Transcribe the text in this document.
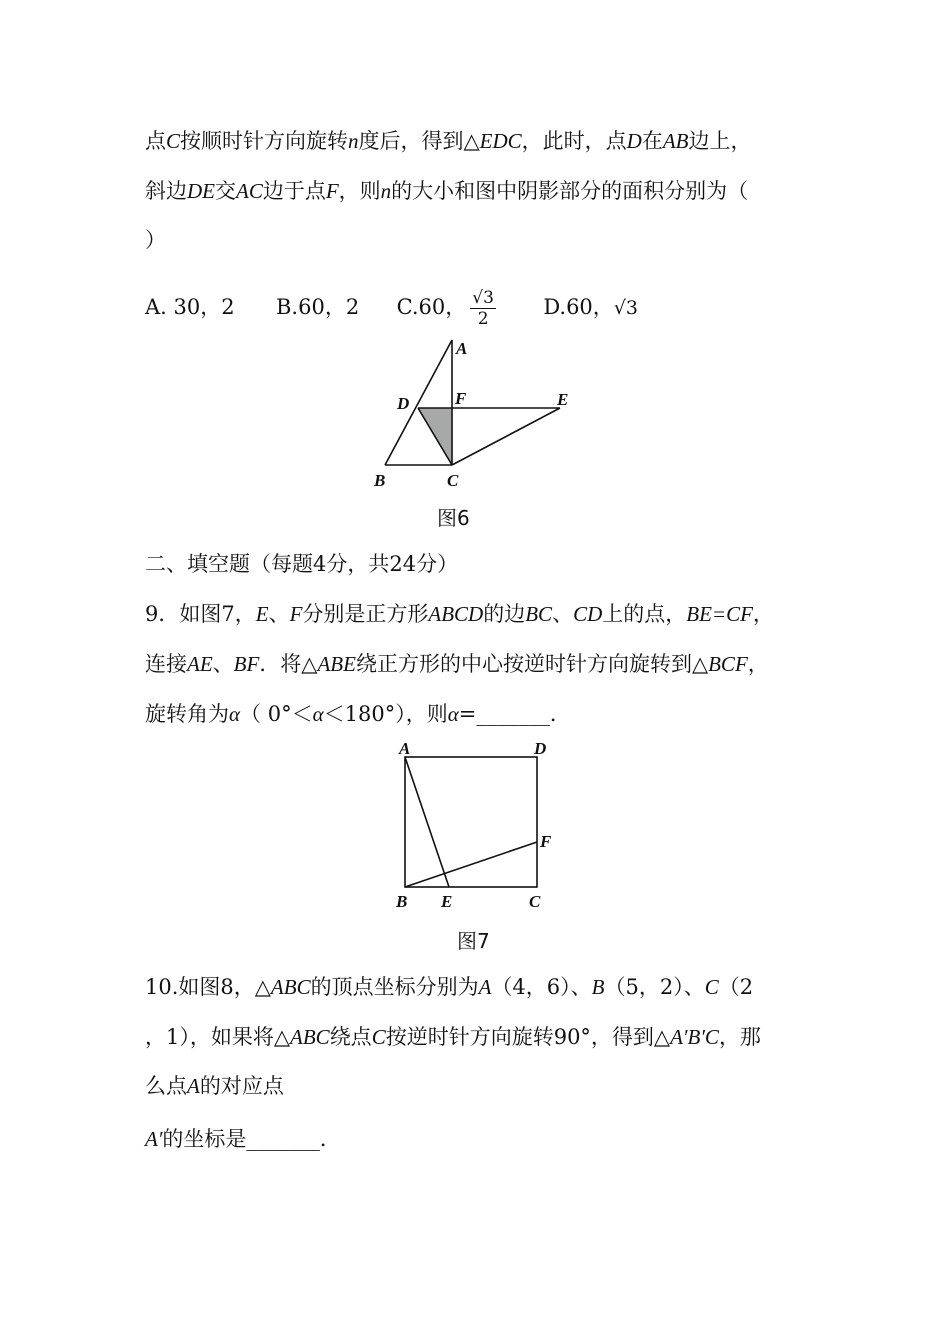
点C按顺时针方向旋转n度后，得到△EDC，此时，点D在AB边上，
斜边DE交AC边于点F，则n的大小和图中阴影部分的面积分别为（
）
A. 30，2 B.60，2 C.60， $\frac{√3}{2} D.60$，√3
A
D	F	E
B	C
图6
二、填空题（每题4分，共24分）
9．如图7，E、F分别是正方形ABCD的边BC、CD上的点，BE=CF，
连接AE、BF．将△ABE绕正方形的中心按逆时针方向旋转到△BCF，
旋转角为α（ 0°＜α＜180°），则α=_______．
A	D
F
B E	C
图7
10.如图8，△ABC的顶点坐标分别为A（4，6）、B（5，2）、C（2
，1），如果将△ABC绕点C按逆时针方向旋转90°，得到△A′B′C，那
么点A的对应点
A′的坐标是_______．
